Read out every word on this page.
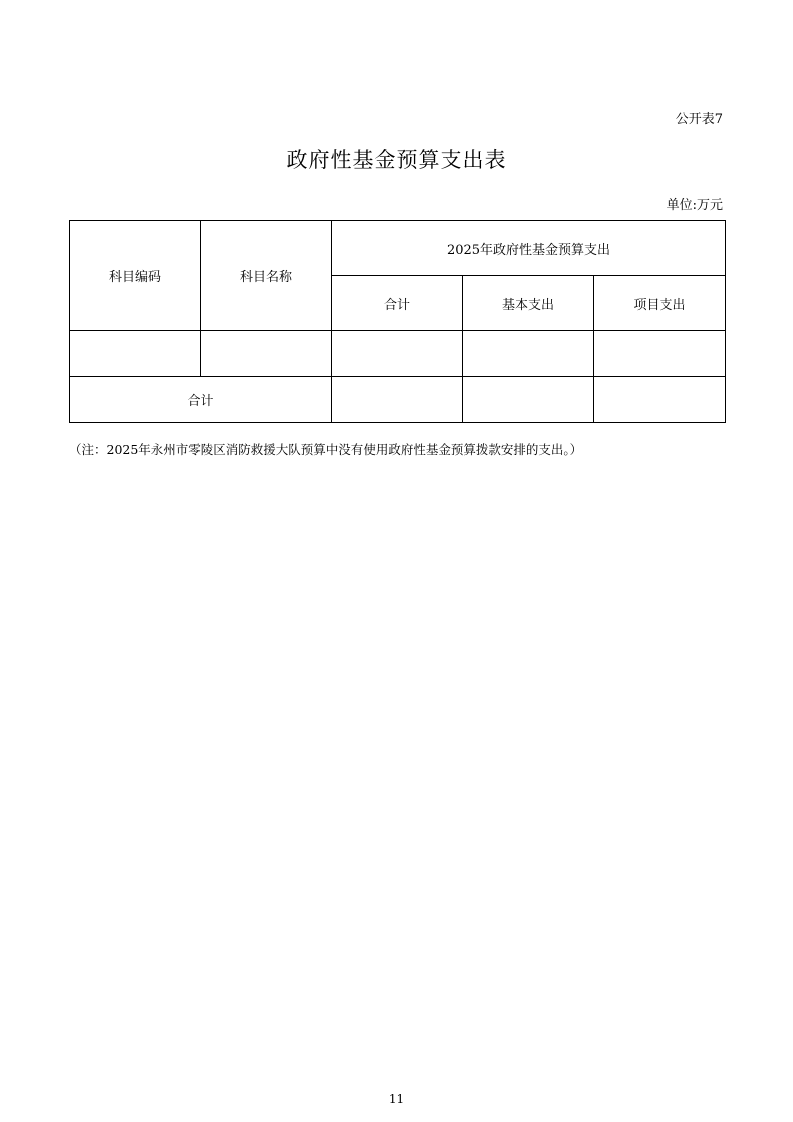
公开表7
政府性基金预算支出表
单位:万元
科目编码	科目名称	2025年政府性基金预算支出		
		合计	基本支出	项目支出

合计				
（注：2025年永州市零陵区消防救援大队预算中没有使用政府性基金预算拨款安排的支出。）
11
